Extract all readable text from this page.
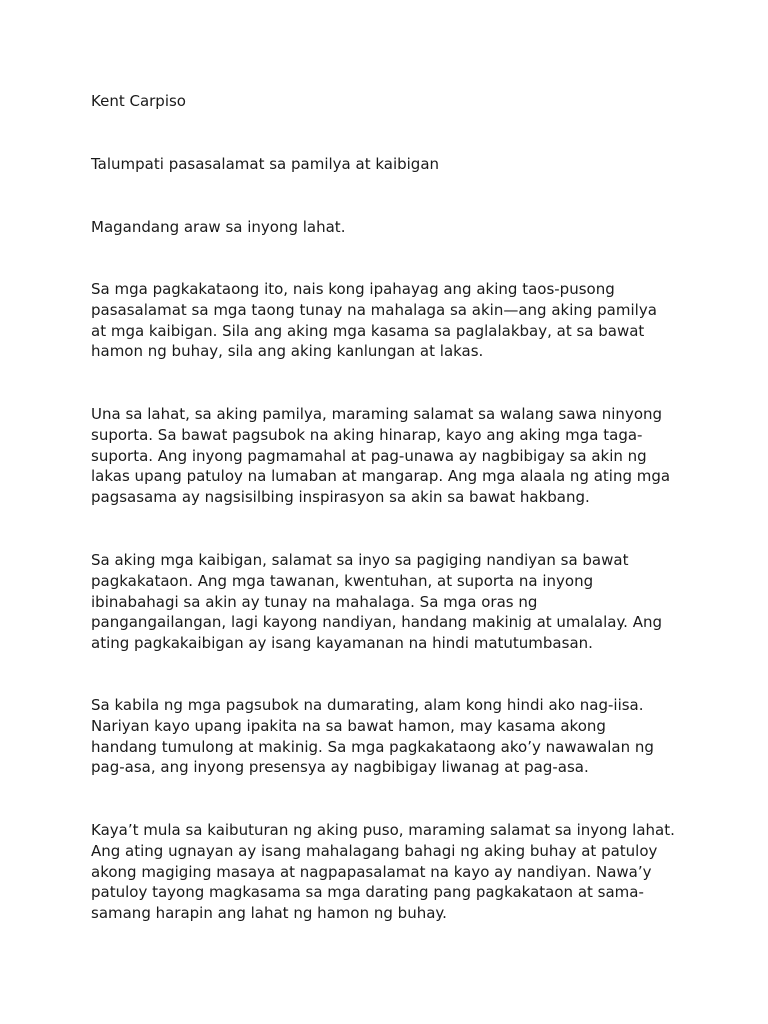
Kent Carpiso

Talumpati pasasalamat sa pamilya at kaibigan

Magandang araw sa inyong lahat.

Sa mga pagkakataong ito, nais kong ipahayag ang aking taos-pusong
pasasalamat sa mga taong tunay na mahalaga sa akin—ang aking pamilya
at mga kaibigan. Sila ang aking mga kasama sa paglalakbay, at sa bawat
hamon ng buhay, sila ang aking kanlungan at lakas.

Una sa lahat, sa aking pamilya, maraming salamat sa walang sawa ninyong
suporta. Sa bawat pagsubok na aking hinarap, kayo ang aking mga taga-
suporta. Ang inyong pagmamahal at pag-unawa ay nagbibigay sa akin ng
lakas upang patuloy na lumaban at mangarap. Ang mga alaala ng ating mga
pagsasama ay nagsisilbing inspirasyon sa akin sa bawat hakbang.

Sa aking mga kaibigan, salamat sa inyo sa pagiging nandiyan sa bawat
pagkakataon. Ang mga tawanan, kwentuhan, at suporta na inyong
ibinabahagi sa akin ay tunay na mahalaga. Sa mga oras ng
pangangailangan, lagi kayong nandiyan, handang makinig at umalalay. Ang
ating pagkakaibigan ay isang kayamanan na hindi matutumbasan.

Sa kabila ng mga pagsubok na dumarating, alam kong hindi ako nag-iisa.
Nariyan kayo upang ipakita na sa bawat hamon, may kasama akong
handang tumulong at makinig. Sa mga pagkakataong ako’y nawawalan ng
pag-asa, ang inyong presensya ay nagbibigay liwanag at pag-asa.

Kaya’t mula sa kaibuturan ng aking puso, maraming salamat sa inyong lahat.
Ang ating ugnayan ay isang mahalagang bahagi ng aking buhay at patuloy
akong magiging masaya at nagpapasalamat na kayo ay nandiyan. Nawa’y
patuloy tayong magkasama sa mga darating pang pagkakataon at sama-
samang harapin ang lahat ng hamon ng buhay.
